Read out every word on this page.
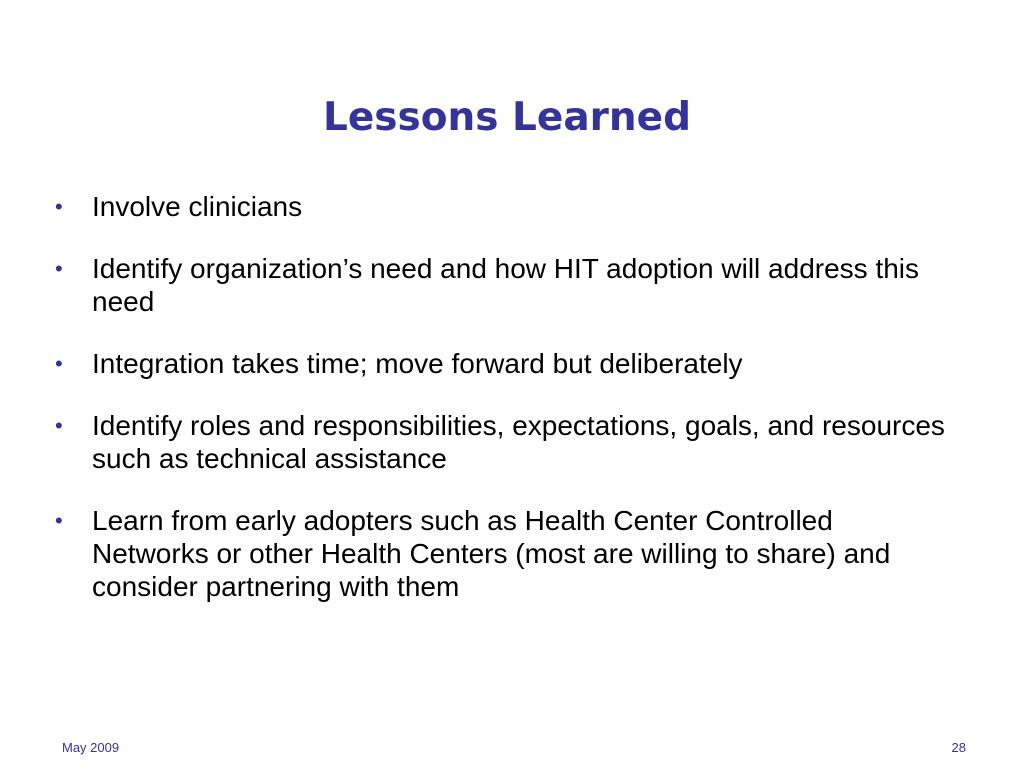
Lessons Learned
• Involve clinicians
• Identify organization’s need and how HIT adoption will address this need
• Integration takes time; move forward but deliberately
• Identify roles and responsibilities, expectations, goals, and resources such as technical assistance
• Learn from early adopters such as Health Center Controlled Networks or other Health Centers (most are willing to share) and consider partnering with them
May 2009	28
